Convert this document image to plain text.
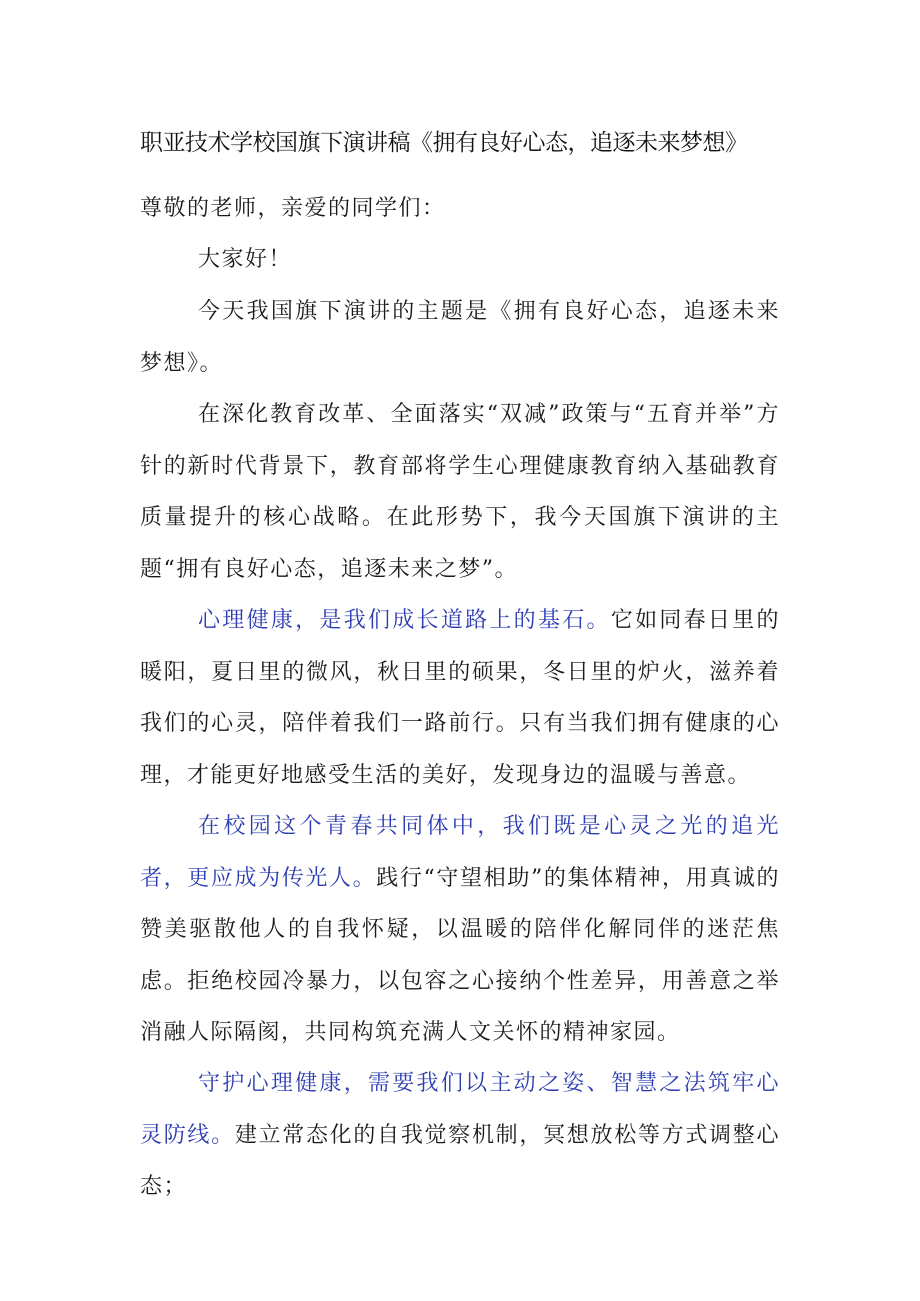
职亚技术学校国旗下演讲稿《拥有良好心态，追逐未来梦想》

尊敬的老师，亲爱的同学们：

大家好！

今天我国旗下演讲的主题是《拥有良好心态，追逐未来梦想》。

在深化教育改革、全面落实“双减”政策与“五育并举”方针的新时代背景下，教育部将学生心理健康教育纳入基础教育质量提升的核心战略。在此形势下，我今天国旗下演讲的主题“拥有良好心态，追逐未来之梦”。

心理健康，是我们成长道路上的基石。它如同春日里的暖阳，夏日里的微风，秋日里的硕果，冬日里的炉火，滋养着我们的心灵，陪伴着我们一路前行。只有当我们拥有健康的心理，才能更好地感受生活的美好，发现身边的温暖与善意。

在校园这个青春共同体中，我们既是心灵之光的追光者，更应成为传光人。践行“守望相助”的集体精神，用真诚的赞美驱散他人的自我怀疑，以温暖的陪伴化解同伴的迷茫焦虑。拒绝校园冷暴力，以包容之心接纳个性差异，用善意之举消融人际隔阂，共同构筑充满人文关怀的精神家园。

守护心理健康，需要我们以主动之姿、智慧之法筑牢心灵防线。建立常态化的自我觉察机制，冥想放松等方式调整心态；
